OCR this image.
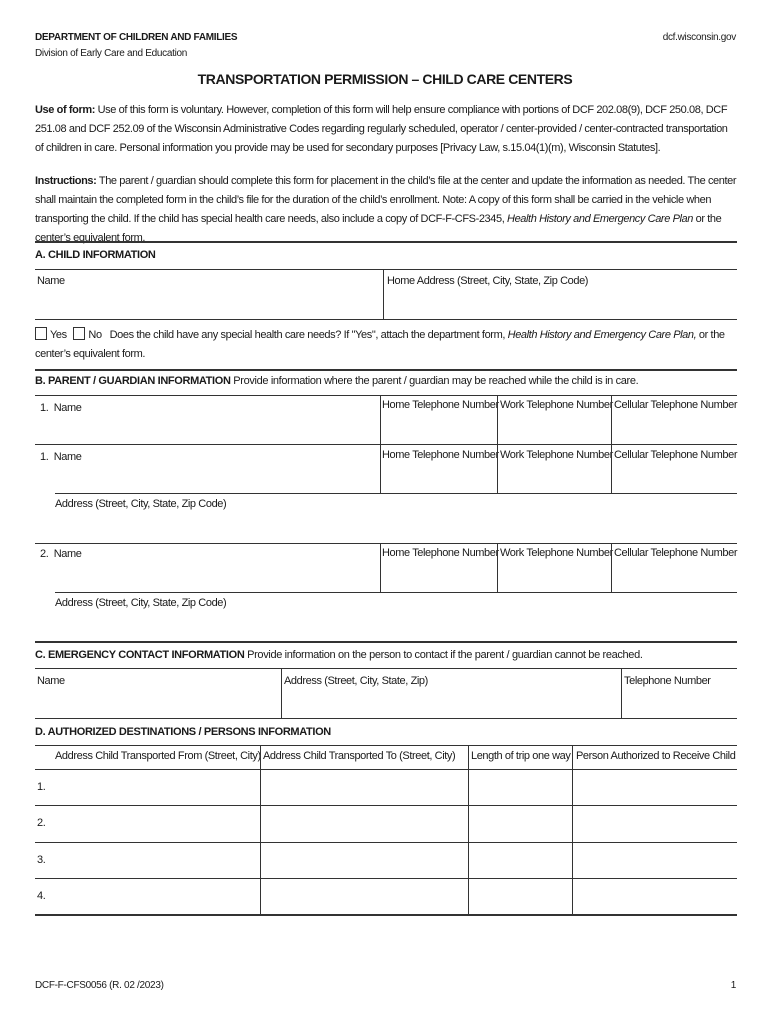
DEPARTMENT OF CHILDREN AND FAMILIES
Division of Early Care and Education
dcf.wisconsin.gov
TRANSPORTATION PERMISSION – CHILD CARE CENTERS
Use of form: Use of this form is voluntary. However, completion of this form will help ensure compliance with portions of DCF 202.08(9), DCF 250.08, DCF 251.08 and DCF 252.09 of the Wisconsin Administrative Codes regarding regularly scheduled, operator / center-provided / center-contracted transportation of children in care. Personal information you provide may be used for secondary purposes [Privacy Law, s.15.04(1)(m), Wisconsin Statutes].
Instructions: The parent / guardian should complete this form for placement in the child’s file at the center and update the information as needed. The center shall maintain the completed form in the child’s file for the duration of the child’s enrollment. Note: A copy of this form shall be carried in the vehicle when transporting the child. If the child has special health care needs, also include a copy of DCF-F-CFS-2345, Health History and Emergency Care Plan or the center’s equivalent form.
A. CHILD INFORMATION
Name	Home Address (Street, City, State, Zip Code)
Yes No Does the child have any special health care needs? If "Yes", attach the department form, Health History and Emergency Care Plan, or the center’s equivalent form.
B. PARENT / GUARDIAN INFORMATION Provide information where the parent / guardian may be reached while the child is in care.
1. Name	Home Telephone Number Work Telephone Number Cellular Telephone Number
1. Name	Home Telephone Number Work Telephone Number Cellular Telephone Number
Address (Street, City, State, Zip Code)
2. Name	Home Telephone Number Work Telephone Number Cellular Telephone Number
Address (Street, City, State, Zip Code)
C. EMERGENCY CONTACT INFORMATION Provide information on the person to contact if the parent / guardian cannot be reached.
Name	Address (Street, City, State, Zip)	Telephone Number
D. AUTHORIZED DESTINATIONS / PERSONS INFORMATION
Address Child Transported From (Street, City) Address Child Transported To (Street, City) Length of trip one way Person Authorized to Receive Child
1.
2.
3.
4.
DCF-F-CFS0056 (R. 02 /2023)	1
